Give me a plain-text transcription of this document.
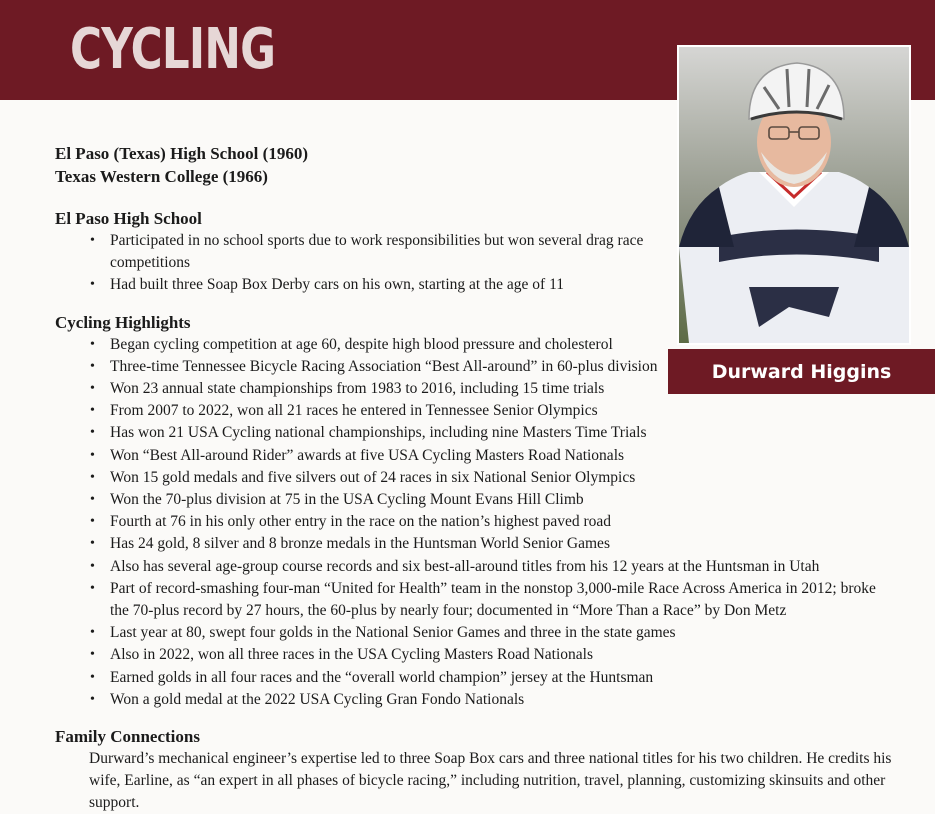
CYCLING
Durward Higgins
El Paso (Texas) High School (1960)
Texas Western College (1966)
El Paso High School
• Participated in no school sports due to work responsibilities but won several drag race competitions
• Had built three Soap Box Derby cars on his own, starting at the age of 11
Cycling Highlights
• Began cycling competition at age 60, despite high blood pressure and cholesterol
• Three-time Tennessee Bicycle Racing Association “Best All-around” in 60-plus division
• Won 23 annual state championships from 1983 to 2016, including 15 time trials
• From 2007 to 2022, won all 21 races he entered in Tennessee Senior Olympics
• Has won 21 USA Cycling national championships, including nine Masters Time Trials
• Won “Best All-around Rider” awards at five USA Cycling Masters Road Nationals
• Won 15 gold medals and five silvers out of 24 races in six National Senior Olympics
• Won the 70-plus division at 75 in the USA Cycling Mount Evans Hill Climb
• Fourth at 76 in his only other entry in the race on the nation’s highest paved road
• Has 24 gold, 8 silver and 8 bronze medals in the Huntsman World Senior Games
• Also has several age-group course records and six best-all-around titles from his 12 years at the Huntsman in Utah
• Part of record-smashing four-man “United for Health” team in the nonstop 3,000-mile Race Across America in 2012; broke the 70-plus record by 27 hours, the 60-plus by nearly four; documented in “More Than a Race” by Don Metz
• Last year at 80, swept four golds in the National Senior Games and three in the state games
• Also in 2022, won all three races in the USA Cycling Masters Road Nationals
• Earned golds in all four races and the “overall world champion” jersey at the Huntsman
• Won a gold medal at the 2022 USA Cycling Gran Fondo Nationals
Family Connections
Durward’s mechanical engineer’s expertise led to three Soap Box cars and three national titles for his two children. He credits his wife, Earline, as “an expert in all phases of bicycle racing,” including nutrition, travel, planning, customizing skinsuits and other support.
